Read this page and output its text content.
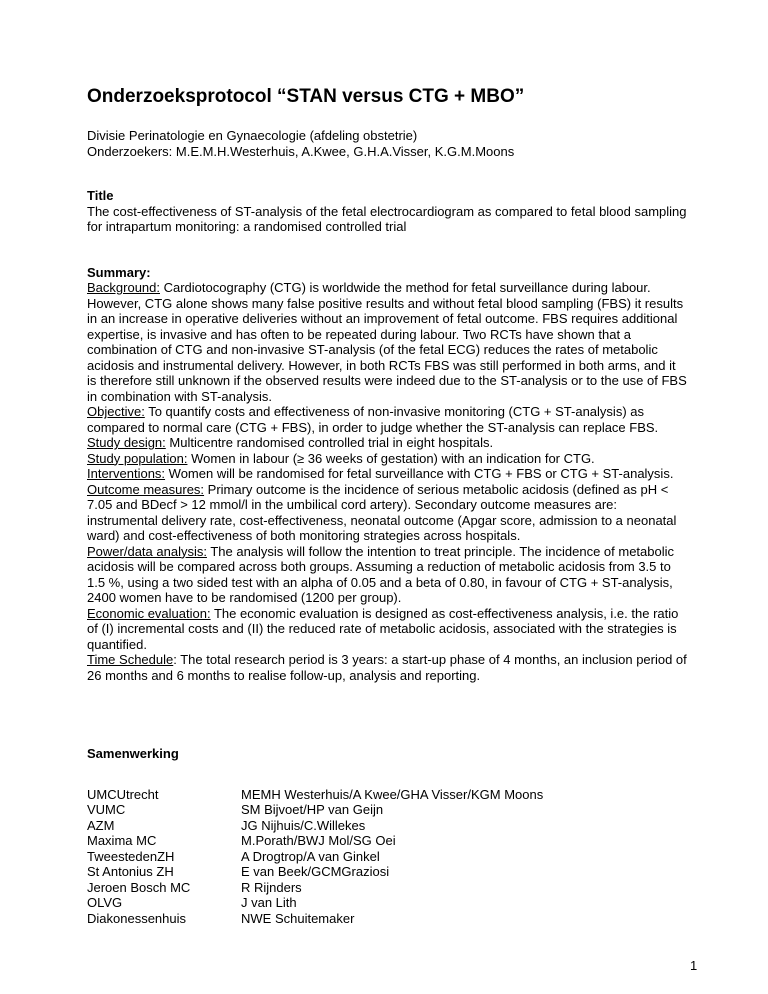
Onderzoeksprotocol “STAN versus CTG + MBO”

Divisie Perinatologie en Gynaecologie (afdeling obstetrie)

Onderzoekers: M.E.M.H.Westerhuis, A.Kwee, G.H.A.Visser, K.G.M.Moons

Title

The cost-effectiveness of ST-analysis of the fetal electrocardiogram as compared to fetal blood sampling for intrapartum monitoring: a randomised controlled trial

Summary:

Background: Cardiotocography (CTG) is worldwide the method for fetal surveillance during labour. However, CTG alone shows many false positive results and without fetal blood sampling (FBS) it results in an increase in operative deliveries without an improvement of fetal outcome. FBS requires additional expertise, is invasive and has often to be repeated during labour. Two RCTs have shown that a combination of CTG and non-invasive ST-analysis (of the fetal ECG) reduces the rates of metabolic acidosis and instrumental delivery. However, in both RCTs FBS was still performed in both arms, and it is therefore still unknown if the observed results were indeed due to the ST-analysis or to the use of FBS in combination with ST-analysis.

Objective: To quantify costs and effectiveness of non-invasive monitoring (CTG + ST-analysis) as compared to normal care (CTG + FBS), in order to judge whether the ST-analysis can replace FBS.

Study design: Multicentre randomised controlled trial in eight hospitals.

Study population: Women in labour (≥ 36 weeks of gestation) with an indication for CTG.

Interventions: Women will be randomised for fetal surveillance with CTG + FBS or CTG + ST-analysis.

Outcome measures: Primary outcome is the incidence of serious metabolic acidosis (defined as pH < 7.05 and BDecf > 12 mmol/l in the umbilical cord artery). Secondary outcome measures are: instrumental delivery rate, cost-effectiveness, neonatal outcome (Apgar score, admission to a neonatal ward) and cost-effectiveness of both monitoring strategies across hospitals.

Power/data analysis: The analysis will follow the intention to treat principle. The incidence of metabolic acidosis will be compared across both groups. Assuming a reduction of metabolic acidosis from 3.5 to 1.5 %, using a two sided test with an alpha of 0.05 and a beta of 0.80, in favour of CTG + ST-analysis, 2400 women have to be randomised (1200 per group).

Economic evaluation: The economic evaluation is designed as cost-effectiveness analysis, i.e. the ratio of (I) incremental costs and (II) the reduced rate of metabolic acidosis, associated with the strategies is quantified.

Time Schedule: The total research period is 3 years: a start-up phase of 4 months, an inclusion period of 26 months and 6 months to realise follow-up, analysis and reporting.

Samenwerking

UMCUtrecht	MEMH Westerhuis/A Kwee/GHA Visser/KGM Moons
VUMC	SM Bijvoet/HP van Geijn
AZM	JG Nijhuis/C.Willekes
Maxima MC	M.Porath/BWJ Mol/SG Oei
TweestedenZH	A Drogtrop/A van Ginkel
St Antonius ZH	E van Beek/GCMGraziosi
Jeroen Bosch MC	R Rijnders
OLVG	J van Lith
Diakonessenhuis	NWE Schuitemaker
1
